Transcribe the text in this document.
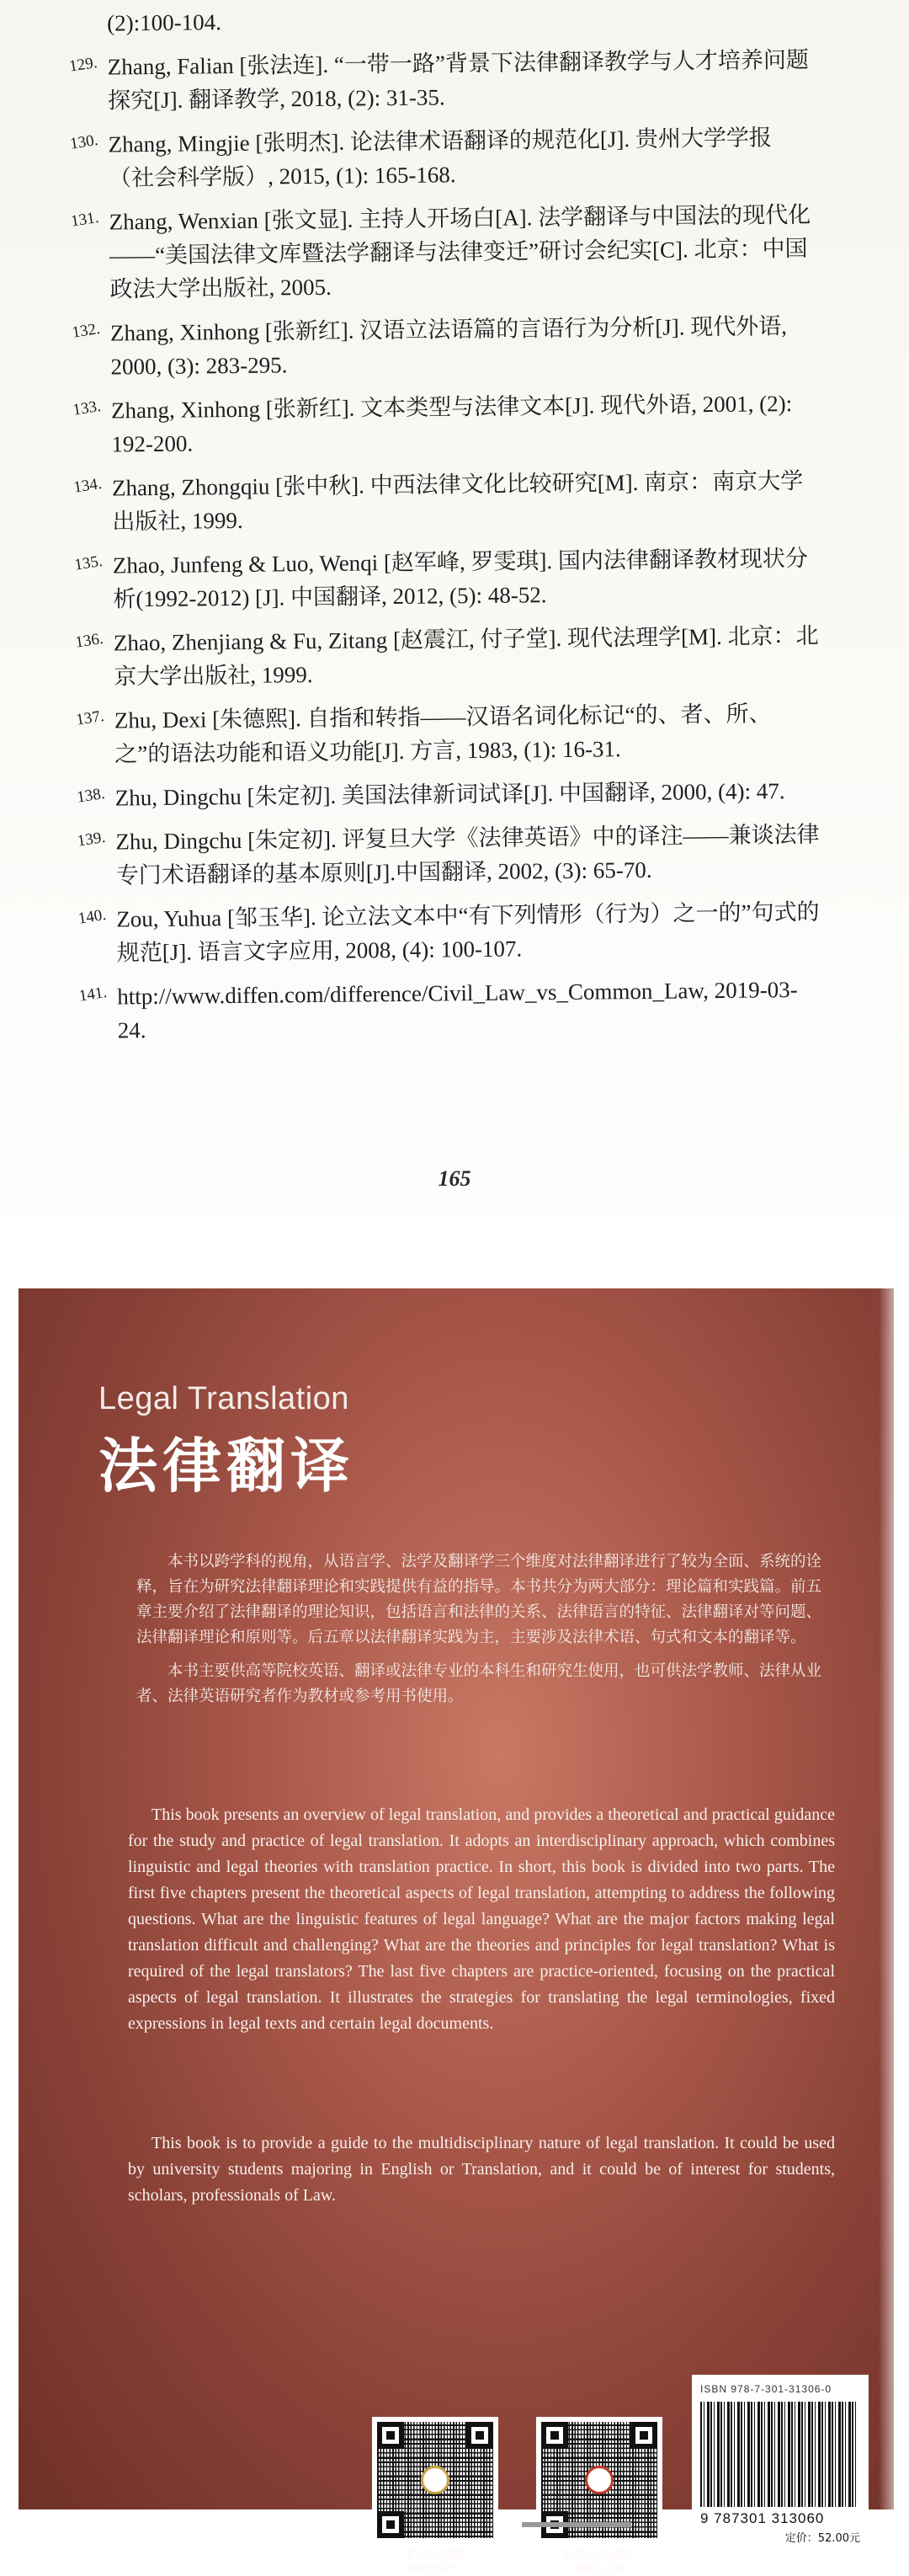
(2):100-104.
129. Zhang, Falian [张法连]. “一带一路”背景下法律翻译教学与人才培养问题探究[J]. 翻译教学, 2018, (2): 31-35.
130. Zhang, Mingjie [张明杰]. 论法律术语翻译的规范化[J]. 贵州大学学报（社会科学版）, 2015, (1): 165-168.
131. Zhang, Wenxian [张文显]. 主持人开场白[A]. 法学翻译与中国法的现代化——“美国法律文库暨法学翻译与法律变迁”研讨会纪实[C]. 北京：中国政法大学出版社, 2005.
132. Zhang, Xinhong [张新红]. 汉语立法语篇的言语行为分析[J]. 现代外语, 2000, (3): 283-295.
133. Zhang, Xinhong [张新红]. 文本类型与法律文本[J]. 现代外语, 2001, (2): 192-200.
134. Zhang, Zhongqiu [张中秋]. 中西法律文化比较研究[M]. 南京：南京大学出版社, 1999.
135. Zhao, Junfeng & Luo, Wenqi [赵军峰, 罗雯琪]. 国内法律翻译教材现状分析(1992-2012) [J]. 中国翻译, 2012, (5): 48-52.
136. Zhao, Zhenjiang & Fu, Zitang [赵震江, 付子堂]. 现代法理学[M]. 北京：北京大学出版社, 1999.
137. Zhu, Dexi [朱德熙]. 自指和转指——汉语名词化标记“的、者、所、之”的语法功能和语义功能[J]. 方言, 1983, (1): 16-31.
138. Zhu, Dingchu [朱定初]. 美国法律新词试译[J]. 中国翻译, 2000, (4): 47.
139. Zhu, Dingchu [朱定初]. 评复旦大学《法律英语》中的译注——兼谈法律专门术语翻译的基本原则[J].中国翻译, 2002, (3): 65-70.
140. Zou, Yuhua [邹玉华]. 论立法文本中“有下列情形（行为）之一的”句式的规范[J]. 语言文字应用, 2008, (4): 100-107.
141. http://www.diffen.com/difference/Civil_Law_vs_Common_Law, 2019-03-24.
165
Legal Translation
法律翻译

本书以跨学科的视角，从语言学、法学及翻译学三个维度对法律翻译进行了较为全面、系统的诠释，旨在为研究法律翻译理论和实践提供有益的指导。本书共分为两大部分：理论篇和实践篇。前五章主要介绍了法律翻译的理论知识，包括语言和法律的关系、法律语言的特征、法律翻译对等问题、法律翻译理论和原则等。后五章以法律翻译实践为主，主要涉及法律术语、句式和文本的翻译等。

本书主要供高等院校英语、翻译或法律专业的本科生和研究生使用，也可供法学教师、法律从业者、法律英语研究者作为教材或参考用书使用。

This book presents an overview of legal translation, and provides a theoretical and practical guidance for the study and practice of legal translation. It adopts an interdisciplinary approach, which combines linguistic and legal theories with translation practice. In short, this book is divided into two parts. The first five chapters present the theoretical aspects of legal translation, attempting to address the following questions. What are the linguistic features of legal language? What are the major factors making legal translation difficult and challenging? What are the theories and principles for legal translation? What is required of the legal translators? The last five chapters are practice-oriented, focusing on the practical aspects of legal translation. It illustrates the strategies for translating the legal terminologies, fixed expressions in legal texts and certain legal documents.

This book is to provide a guide to the multidisciplinary nature of legal translation. It could be used by university students majoring in English or Translation, and it could be of interest for students, scholars, professionals of Law.

“北大外文学堂”
微信公众号
“北京大学出版社”
微信公众号
ISBN 978-7-301-31306-0
9 787301 313060
定价：52.00元
